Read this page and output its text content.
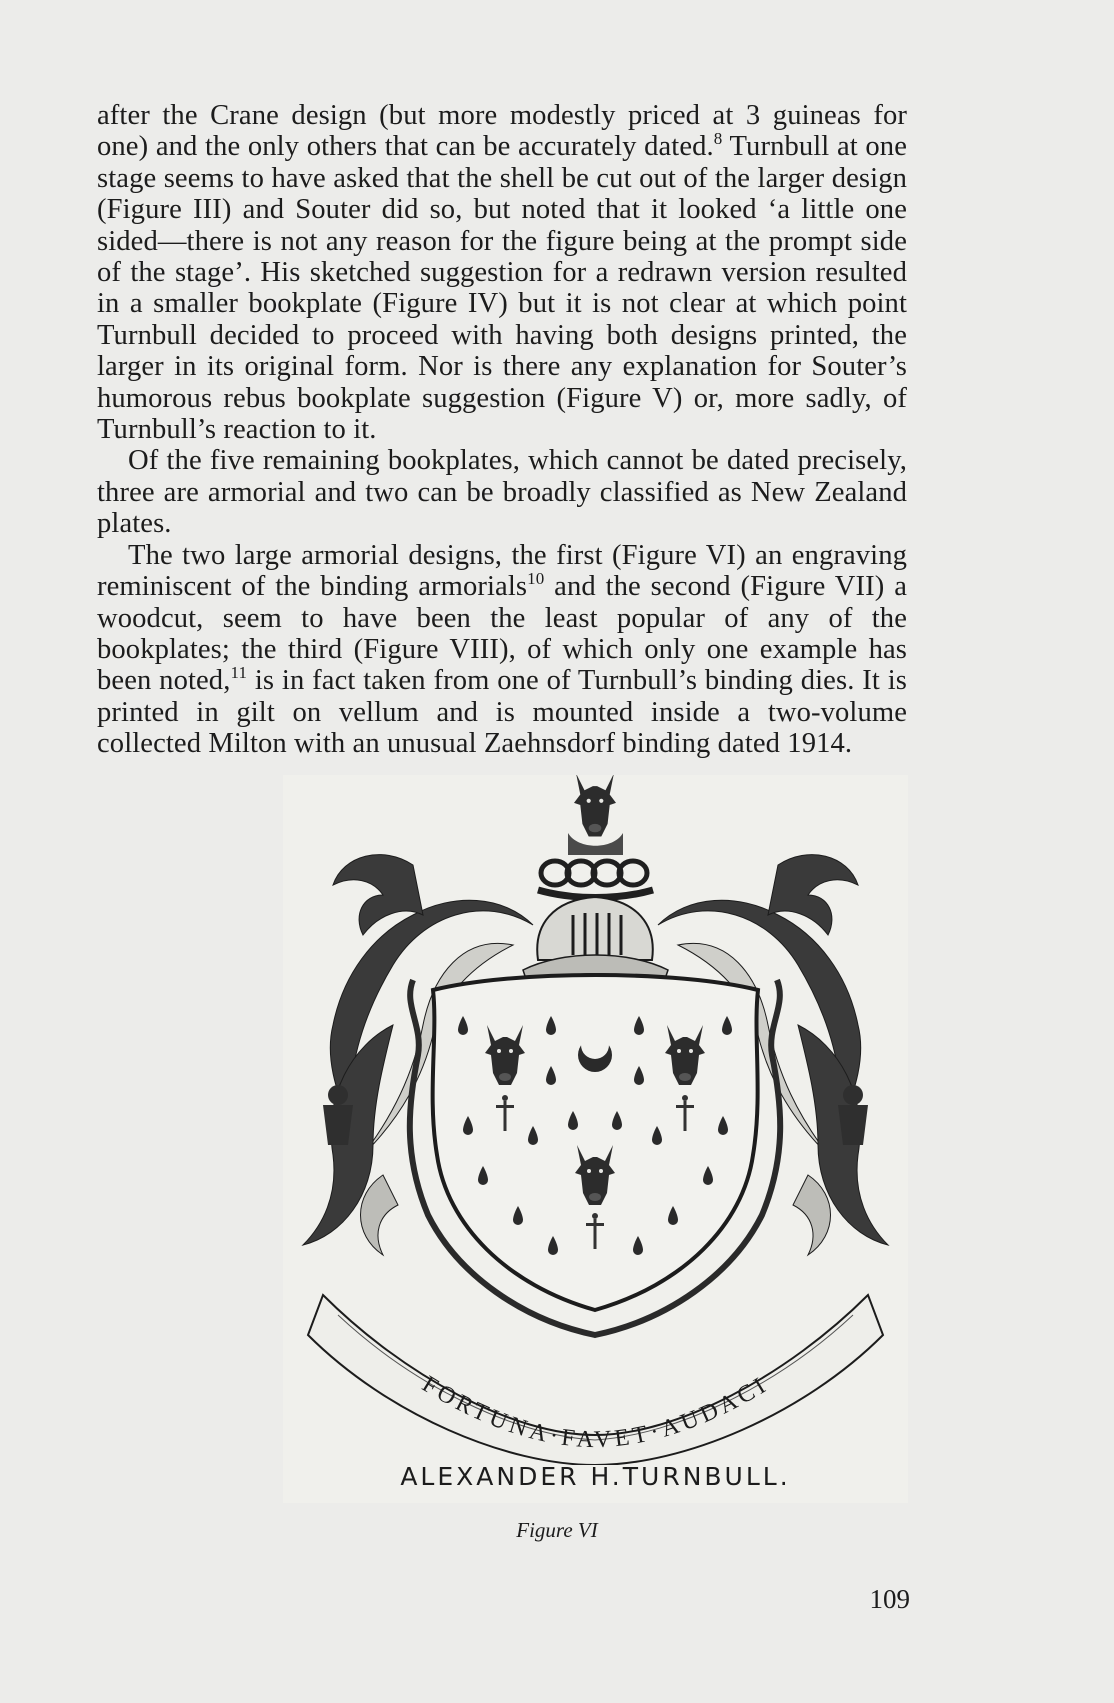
after the Crane design (but more modestly priced at 3 guineas for one) and the only others that can be accurately dated.$^8$ Turnbull at one stage seems to have asked that the shell be cut out of the larger design (Figure III) and Souter did so, but noted that it looked ‘a little one sided—there is not any reason for the figure being at the prompt side of the stage’. His sketched suggestion for a redrawn version resulted in a smaller bookplate (Figure IV) but it is not clear at which point Turnbull decided to proceed with having both designs printed, the larger in its original form. Nor is there any explanation for Souter’s humorous rebus bookplate suggestion (Figure V) or, more sadly, of Turnbull’s reaction to it.

Of the five remaining bookplates, which cannot be dated precisely, three are armorial and two can be broadly classified as New Zealand plates.

The two large armorial designs, the first (Figure VI) an engraving reminiscent of the binding armorials$^{10}$ and the second (Figure VII) a woodcut, seem to have been the least popular of any of the bookplates; the third (Figure VIII), of which only one example has been noted,$^{11}$ is in fact taken from one of Turnbull’s binding dies. It is printed in gilt on vellum and is mounted inside a two-volume collected Milton with an unusual Zaehnsdorf binding dated 1914.

FORTUNA·FAVET·AUDACI
ALEXANDER H.TURNBULL.
Figure VI
109
